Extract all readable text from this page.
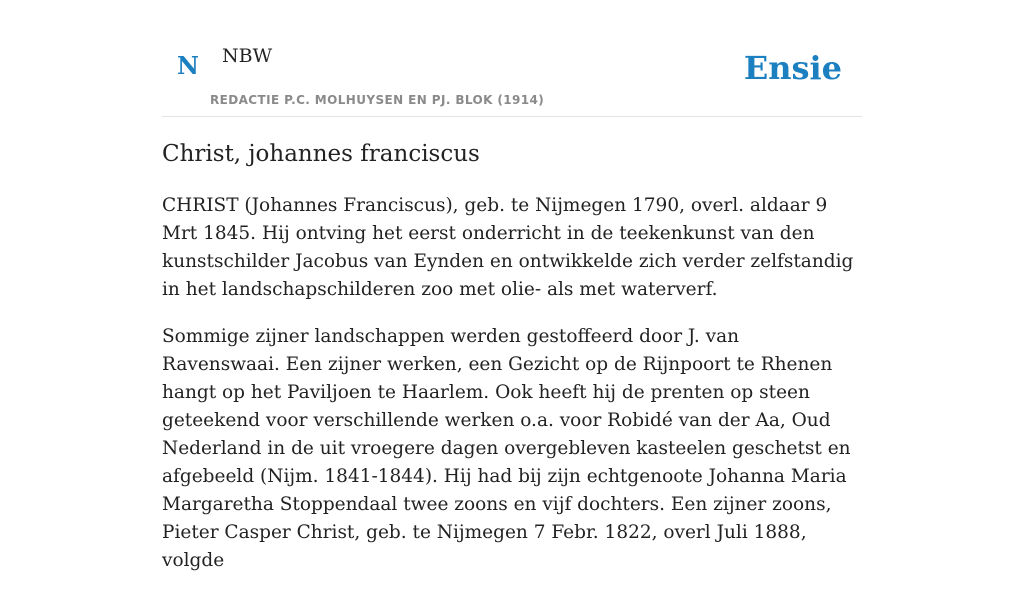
N NBW
REDACTIE P.C. MOLHUYSEN EN PJ. BLOK (1914)
Ensie
Christ, johannes franciscus

CHRIST (Johannes Franciscus), geb. te Nijmegen 1790, overl. aldaar 9 Mrt 1845. Hij ontving het eerst onderricht in de teekenkunst van den kunstschilder Jacobus van Eynden en ontwikkelde zich verder zelfstandig in het landschapschilderen zoo met olie- als met waterverf.

Sommige zijner landschappen werden gestoffeerd door J. van Ravenswaai. Een zijner werken, een Gezicht op de Rijnpoort te Rhenen hangt op het Paviljoen te Haarlem. Ook heeft hij de prenten op steen geteekend voor verschillende werken o.a. voor Robidé van der Aa, Oud Nederland in de uit vroegere dagen overgebleven kasteelen geschetst en afgebeeld (Nijm. 1841-1844). Hij had bij zijn echtgenoote Johanna Maria Margaretha Stoppendaal twee zoons en vijf dochters. Een zijner zoons, Pieter Casper Christ, geb. te Nijmegen 7 Febr. 1822, overl Juli 1888, volgde
